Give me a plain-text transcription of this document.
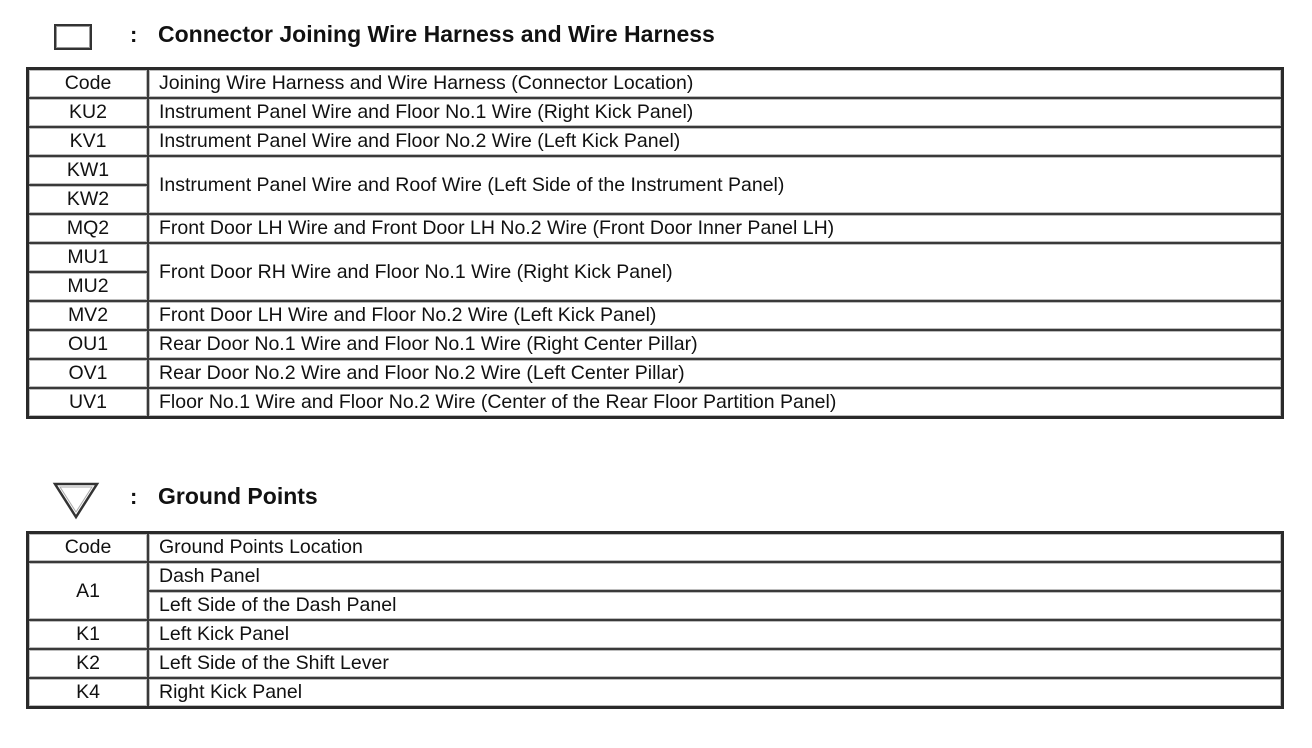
: Connector Joining Wire Harness and Wire Harness
Code	Joining Wire Harness and Wire Harness (Connector Location)
KU2	Instrument Panel Wire and Floor No.1 Wire (Right Kick Panel)
KV1	Instrument Panel Wire and Floor No.2 Wire (Left Kick Panel)
KW1	Instrument Panel Wire and Roof Wire (Left Side of the Instrument Panel)
KW2	
MQ2	Front Door LH Wire and Front Door LH No.2 Wire (Front Door Inner Panel LH)
MU1	Front Door RH Wire and Floor No.1 Wire (Right Kick Panel)
MU2	
MV2	Front Door LH Wire and Floor No.2 Wire (Left Kick Panel)
OU1	Rear Door No.1 Wire and Floor No.1 Wire (Right Center Pillar)
OV1	Rear Door No.2 Wire and Floor No.2 Wire (Left Center Pillar)
UV1	Floor No.1 Wire and Floor No.2 Wire (Center of the Rear Floor Partition Panel)
: Ground Points
Code	Ground Points Location
A1	Dash Panel
	Left Side of the Dash Panel
K1	Left Kick Panel
K2	Left Side of the Shift Lever
K4	Right Kick Panel
